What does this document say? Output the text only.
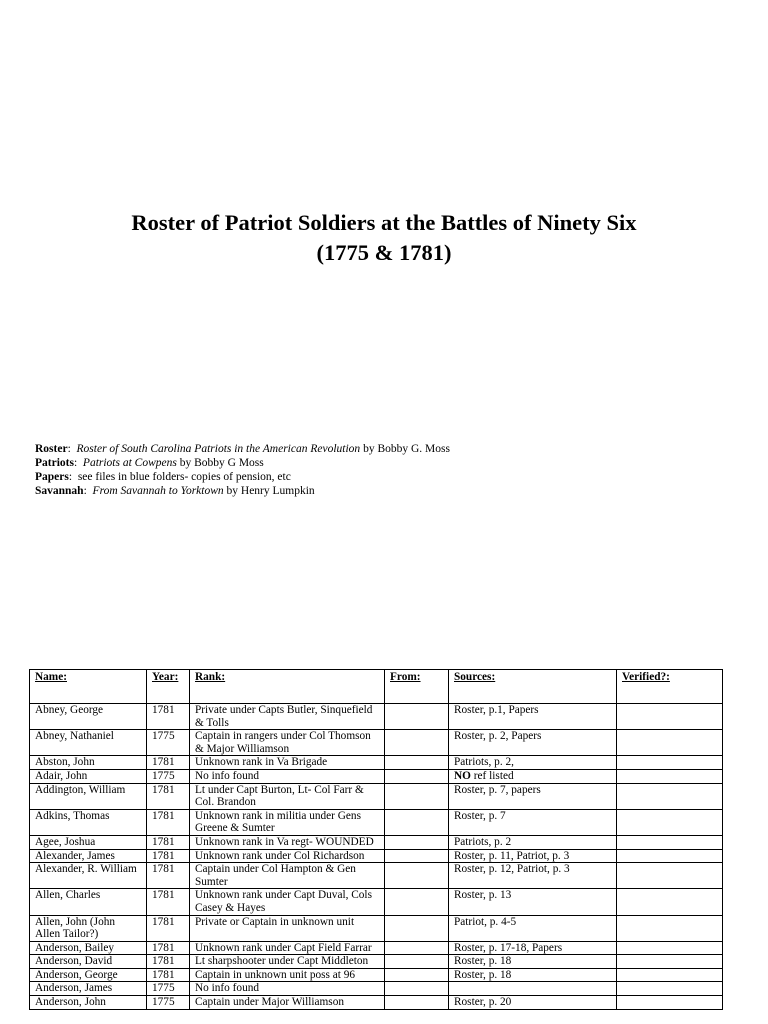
Roster of Patriot Soldiers at the Battles of Ninety Six
(1775 & 1781)
Roster:  Roster of South Carolina Patriots in the American Revolution by Bobby G. Moss
Patriots:  Patriots at Cowpens by Bobby G Moss
Papers:  see files in blue folders- copies of pension, etc
Savannah:  From Savannah to Yorktown by Henry Lumpkin
Name:	Year:	Rank:	From:	Sources:	Verified?:
Abney, George	1781	Private under Capts Butler, Sinquefield & Tolls		Roster, p.1, Papers	
Abney, Nathaniel	1775	Captain in rangers under Col Thomson & Major Williamson		Roster, p. 2, Papers	
Abston, John	1781	Unknown rank in Va Brigade		Patriots, p. 2,	
Adair, John	1775	No info found		NO ref listed	
Addington, William	1781	Lt under Capt Burton, Lt- Col Farr & Col. Brandon		Roster, p. 7, papers	
Adkins, Thomas	1781	Unknown rank in militia under Gens Greene & Sumter		Roster, p. 7	
Agee, Joshua	1781	Unknown rank in Va regt- WOUNDED		Patriots, p. 2	
Alexander, James	1781	Unknown rank under Col Richardson		Roster, p. 11, Patriot, p. 3	
Alexander, R. William	1781	Captain under Col Hampton & Gen Sumter		Roster, p. 12, Patriot, p. 3	
Allen, Charles	1781	Unknown rank under Capt Duval, Cols Casey & Hayes		Roster, p. 13	
Allen, John (John Allen Tailor?)	1781	Private or Captain in unknown unit		Patriot, p. 4-5	
Anderson, Bailey	1781	Unknown rank under Capt Field Farrar		Roster, p. 17-18, Papers	
Anderson, David	1781	Lt sharpshooter under Capt Middleton		Roster, p. 18	
Anderson, George	1781	Captain in unknown unit poss at 96		Roster, p. 18	
Anderson, James	1775	No info found			
Anderson, John	1775	Captain under Major Williamson		Roster, p. 20	
